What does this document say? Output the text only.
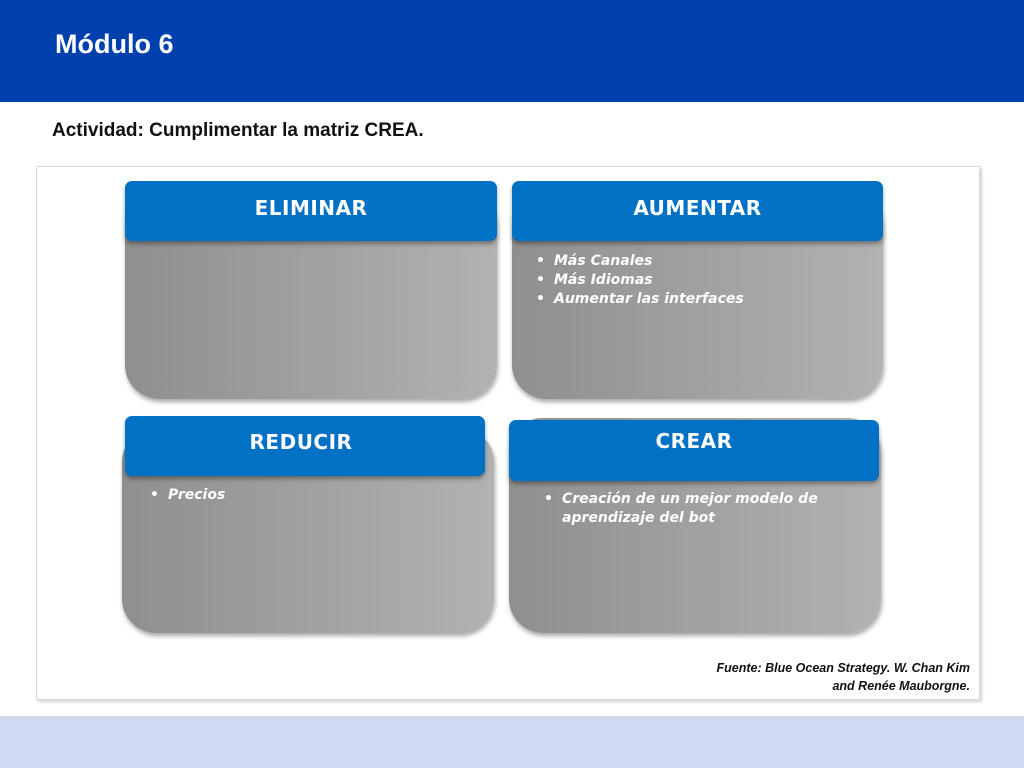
Módulo 6
Actividad: Cumplimentar la matriz CREA.
ELIMINAR	AUMENTAR
• Más Canales
• Más Idiomas
• Aumentar las interfaces
REDUCIR
• Precios
CREAR
• Creación de un mejor modelo de aprendizaje del bot
Fuente: Blue Ocean Strategy. W. Chan Kim
and Renée Mauborgne.
